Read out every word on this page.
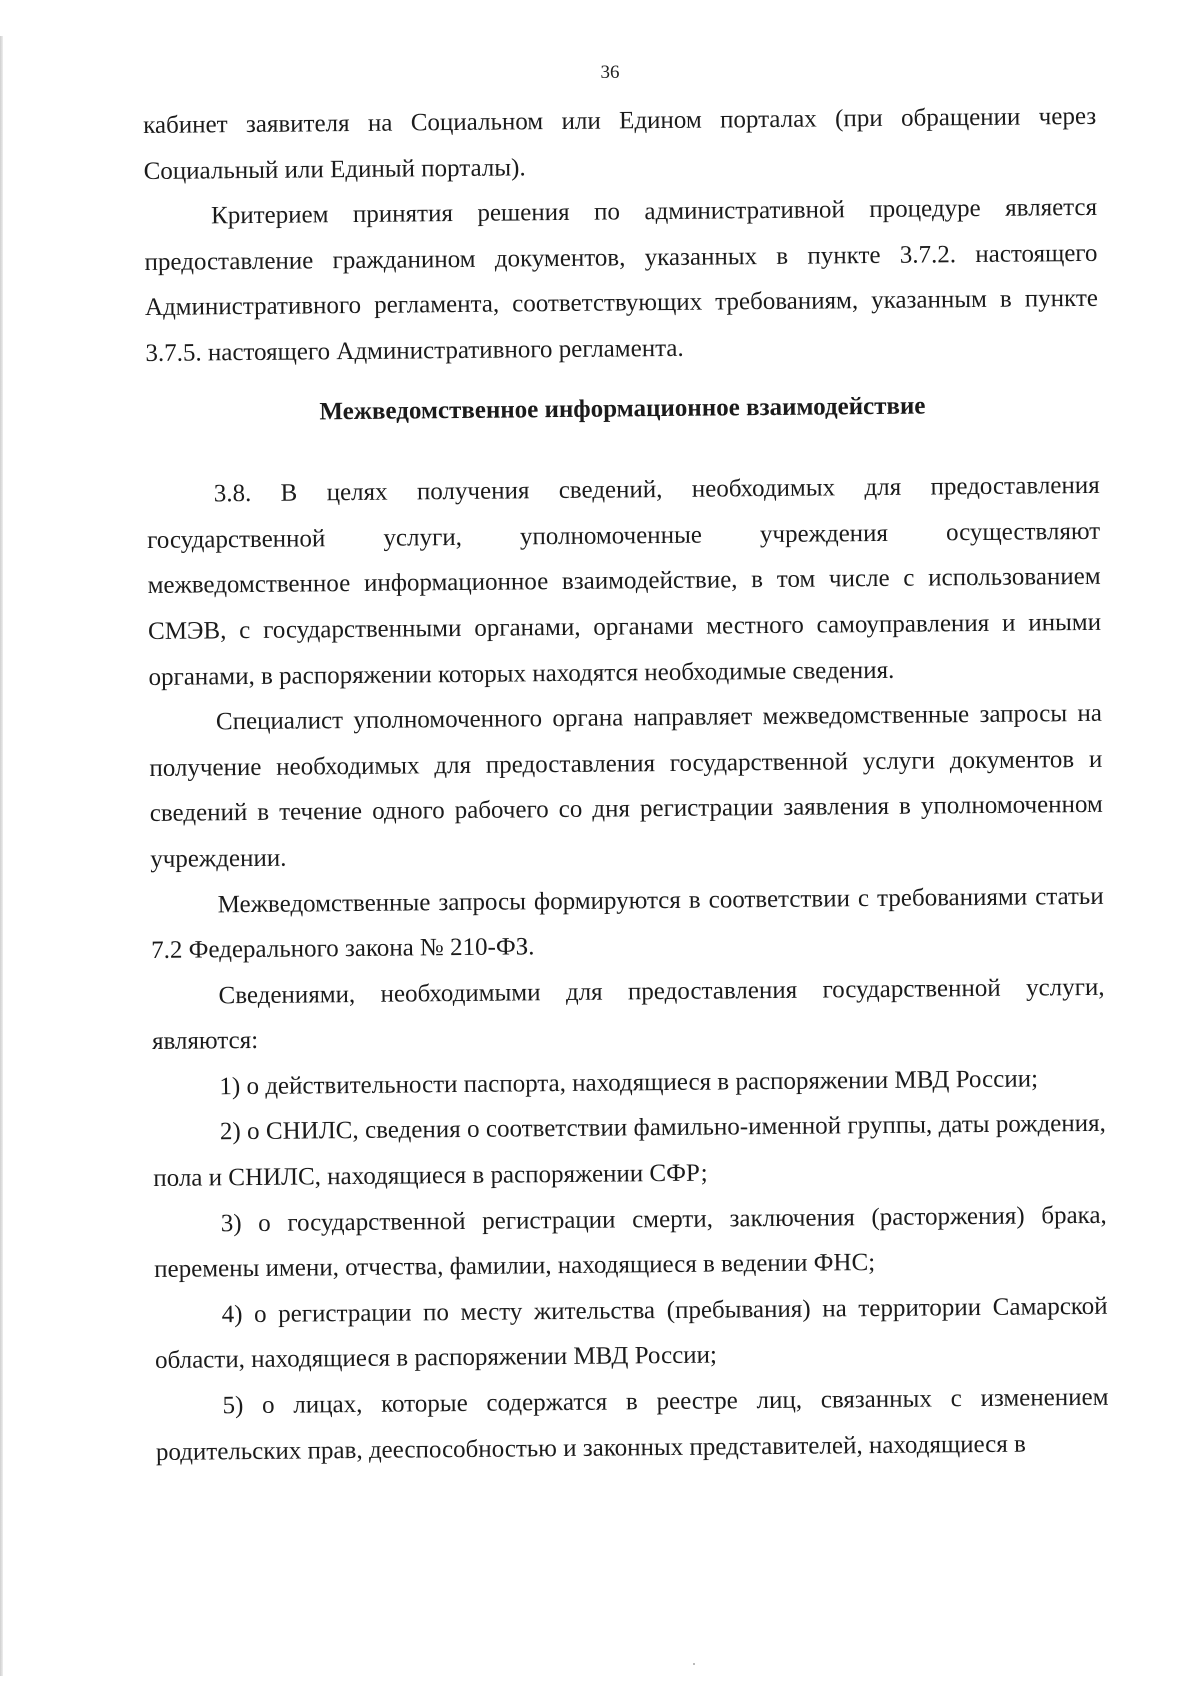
36

кабинет заявителя на Социальном или Едином порталах (при обращении через Социальный или Единый порталы).

Критерием принятия решения по административной процедуре является предоставление гражданином документов, указанных в пункте 3.7.2. настоящего Административного регламента, соответствующих требованиям, указанным в пункте 3.7.5. настоящего Административного регламента.

Межведомственное информационное взаимодействие

3.8. В целях получения сведений, необходимых для предоставления государственной услуги, уполномоченные учреждения осуществляют межведомственное информационное взаимодействие, в том числе с использованием СМЭВ, с государственными органами, органами местного самоуправления и иными органами, в распоряжении которых находятся необходимые сведения.

Специалист уполномоченного органа направляет межведомственные запросы на получение необходимых для предоставления государственной услуги документов и сведений в течение одного рабочего со дня регистрации заявления в уполномоченном учреждении.

Межведомственные запросы формируются в соответствии с требованиями статьи 7.2 Федерального закона № 210-ФЗ.

Сведениями, необходимыми для предоставления государственной услуги, являются:

1) о действительности паспорта, находящиеся в распоряжении МВД России;

2) о СНИЛС, сведения о соответствии фамильно-именной группы, даты рождения, пола и СНИЛС, находящиеся в распоряжении СФР;

3) о государственной регистрации смерти, заключения (расторжения) брака, перемены имени, отчества, фамилии, находящиеся в ведении ФНС;

4) о регистрации по месту жительства (пребывания) на территории Самарской области, находящиеся в распоряжении МВД России;

5) о лицах, которые содержатся в реестре лиц, связанных с изменением родительских прав, дееспособностью и законных представителей, находящиеся в
